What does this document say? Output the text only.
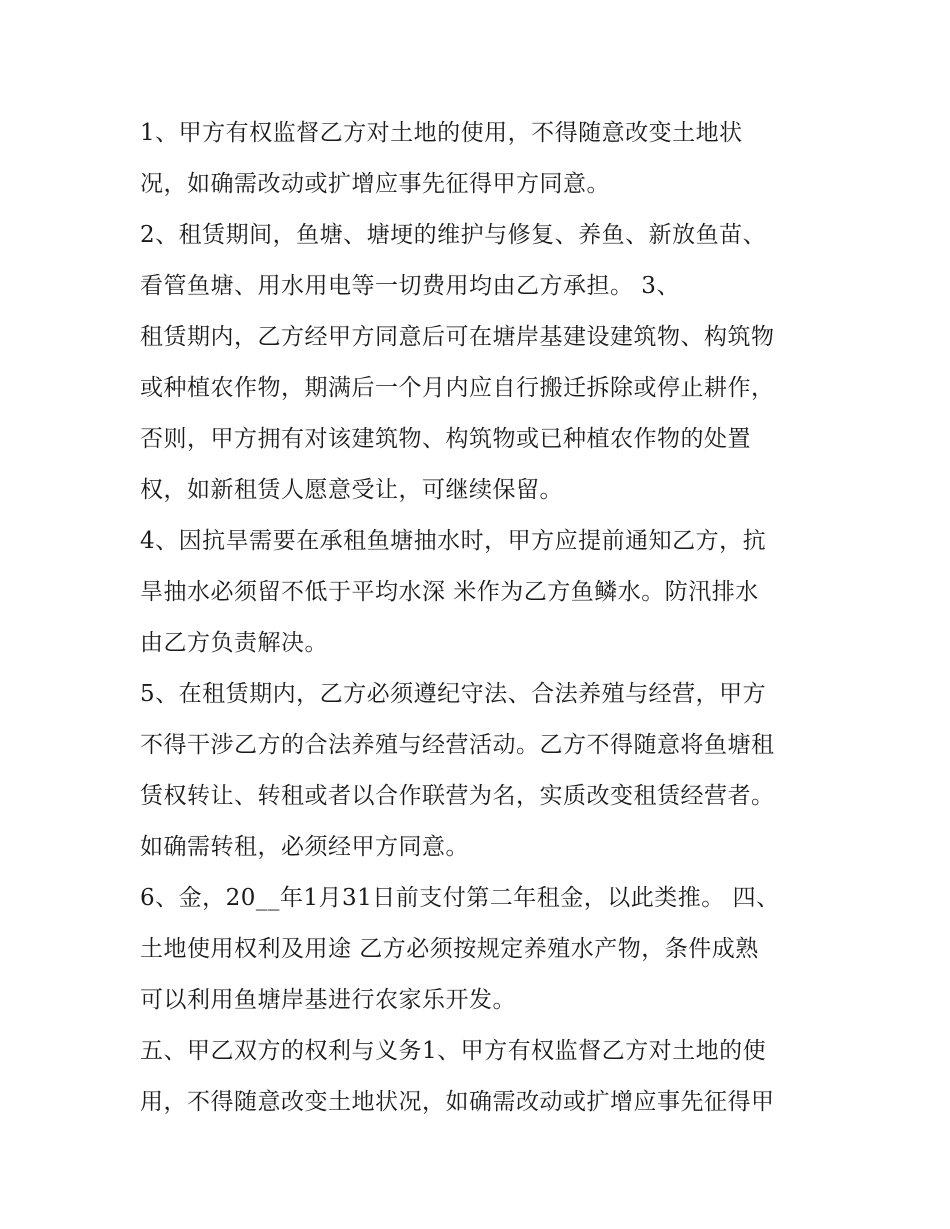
1、甲方有权监督乙方对土地的使用，不得随意改变土地状
况，如确需改动或扩增应事先征得甲方同意。
2、租赁期间，鱼塘、塘埂的维护与修复、养鱼、新放鱼苗、
看管鱼塘、用水用电等一切费用均由乙方承担。 3、
租赁期内，乙方经甲方同意后可在塘岸基建设建筑物、构筑物
或种植农作物，期满后一个月内应自行搬迁拆除或停止耕作，
否则，甲方拥有对该建筑物、构筑物或已种植农作物的处置
权，如新租赁人愿意受让，可继续保留。
4、因抗旱需要在承租鱼塘抽水时，甲方应提前通知乙方，抗
旱抽水必须留不低于平均水深 米作为乙方鱼鳞水。防汛排水
由乙方负责解决。
5、在租赁期内，乙方必须遵纪守法、合法养殖与经营，甲方
不得干涉乙方的合法养殖与经营活动。乙方不得随意将鱼塘租
赁权转让、转租或者以合作联营为名，实质改变租赁经营者。
如确需转租，必须经甲方同意。
6、金，20__年1月31日前支付第二年租金，以此类推。 四、
土地使用权利及用途 乙方必须按规定养殖水产物，条件成熟
可以利用鱼塘岸基进行农家乐开发。
五、甲乙双方的权利与义务1、甲方有权监督乙方对土地的使
用，不得随意改变土地状况，如确需改动或扩增应事先征得甲
